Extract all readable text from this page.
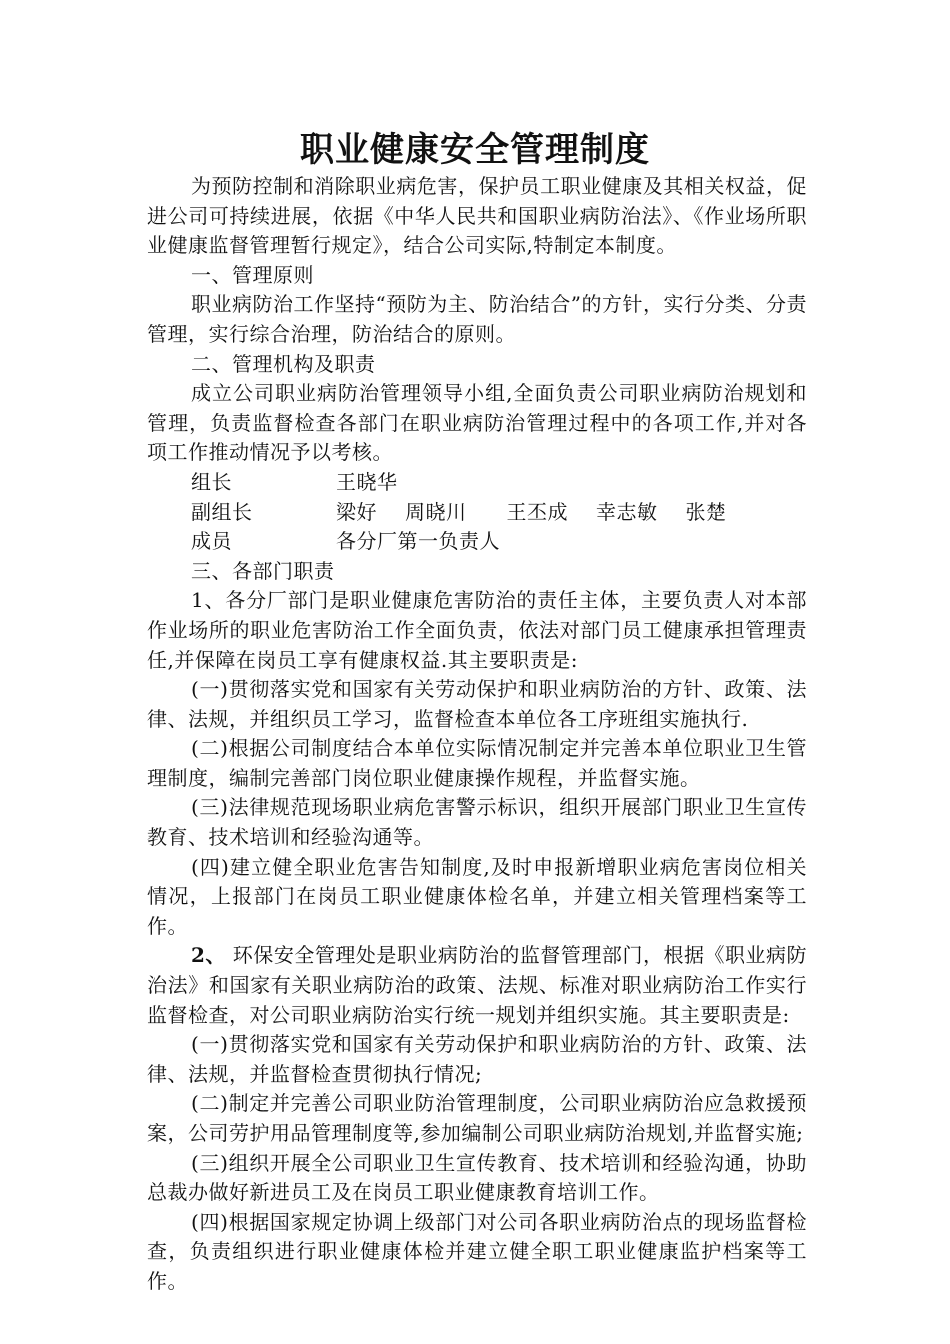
职业健康安全管理制度

为预防控制和消除职业病危害，保护员工职业健康及其相关权益，促进公司可持续进展，依据《中华人民共和国职业病防治法》、《作业场所职业健康监督管理暂行规定》，结合公司实际,特制定本制度。

一、管理原则

职业病防治工作坚持“预防为主、防治结合”的方针，实行分类、分责管理，实行综合治理，防治结合的原则。

二、管理机构及职责

成立公司职业病防治管理领导小组,全面负责公司职业病防治规划和管理，负责监督检查各部门在职业病防治管理过程中的各项工作,并对各项工作推动情况予以考核。

组长	王晓华
副组长	梁好 周晓川 王丕成 幸志敏 张楚
成员	各分厂第一负责人

三、各部门职责

1、各分厂部门是职业健康危害防治的责任主体，主要负责人对本部作业场所的职业危害防治工作全面负责，依法对部门员工健康承担管理责任,并保障在岗员工享有健康权益.其主要职责是:

(一)贯彻落实党和国家有关劳动保护和职业病防治的方针、政策、法律、法规，并组织员工学习，监督检查本单位各工序班组实施执行.

(二)根据公司制度结合本单位实际情况制定并完善本单位职业卫生管理制度，编制完善部门岗位职业健康操作规程，并监督实施。

(三)法律规范现场职业病危害警示标识，组织开展部门职业卫生宣传教育、技术培训和经验沟通等。

(四)建立健全职业危害告知制度,及时申报新增职业病危害岗位相关情况，上报部门在岗员工职业健康体检名单，并建立相关管理档案等工作。

2、 环保安全管理处是职业病防治的监督管理部门，根据《职业病防治法》和国家有关职业病防治的政策、法规、标准对职业病防治工作实行监督检查，对公司职业病防治实行统一规划并组织实施。其主要职责是:

(一)贯彻落实党和国家有关劳动保护和职业病防治的方针、政策、法律、法规，并监督检查贯彻执行情况;

(二)制定并完善公司职业防治管理制度，公司职业病防治应急救援预案，公司劳护用品管理制度等,参加编制公司职业病防治规划,并监督实施;

(三)组织开展全公司职业卫生宣传教育、技术培训和经验沟通，协助总裁办做好新进员工及在岗员工职业健康教育培训工作。

(四)根据国家规定协调上级部门对公司各职业病防治点的现场监督检查，负责组织进行职业健康体检并建立健全职工职业健康监护档案等工作。
